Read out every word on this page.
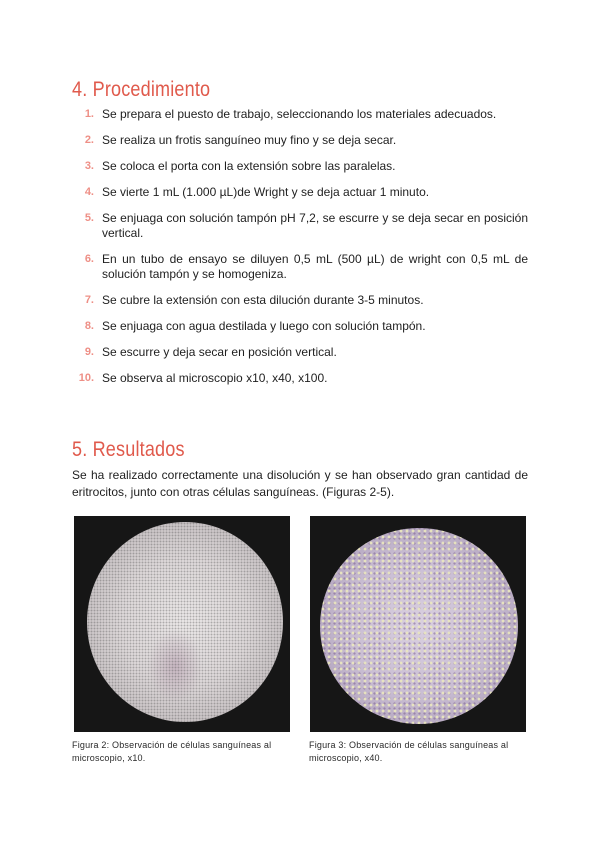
4. Procedimiento
1. Se prepara el puesto de trabajo, seleccionando los materiales adecuados.
2. Se realiza un frotis sanguíneo muy fino y se deja secar.
3. Se coloca el porta con la extensión sobre las paralelas.
4. Se vierte 1 mL (1.000 µL)de Wright y se deja actuar 1 minuto.
5. Se enjuaga con solución tampón pH 7,2, se escurre y se deja secar en posición vertical.
6. En un tubo de ensayo se diluyen 0,5 mL (500 µL) de wright con 0,5 mL de solución tampón y se homogeniza.
7. Se cubre la extensión con esta dilución durante 3-5 minutos.
8. Se enjuaga con agua destilada y luego con solución tampón.
9. Se escurre y deja secar en posición vertical.
10. Se observa al microscopio x10, x40, x100.
5. Resultados

Se ha realizado correctamente una disolución y se han observado gran cantidad de eritrocitos, junto con otras células sanguíneas. (Figuras 2-5).

Figura 2: Observación de células sanguíneas al microscopio, x10.

Figura 3: Observación de células sanguíneas al microscopio, x40.
